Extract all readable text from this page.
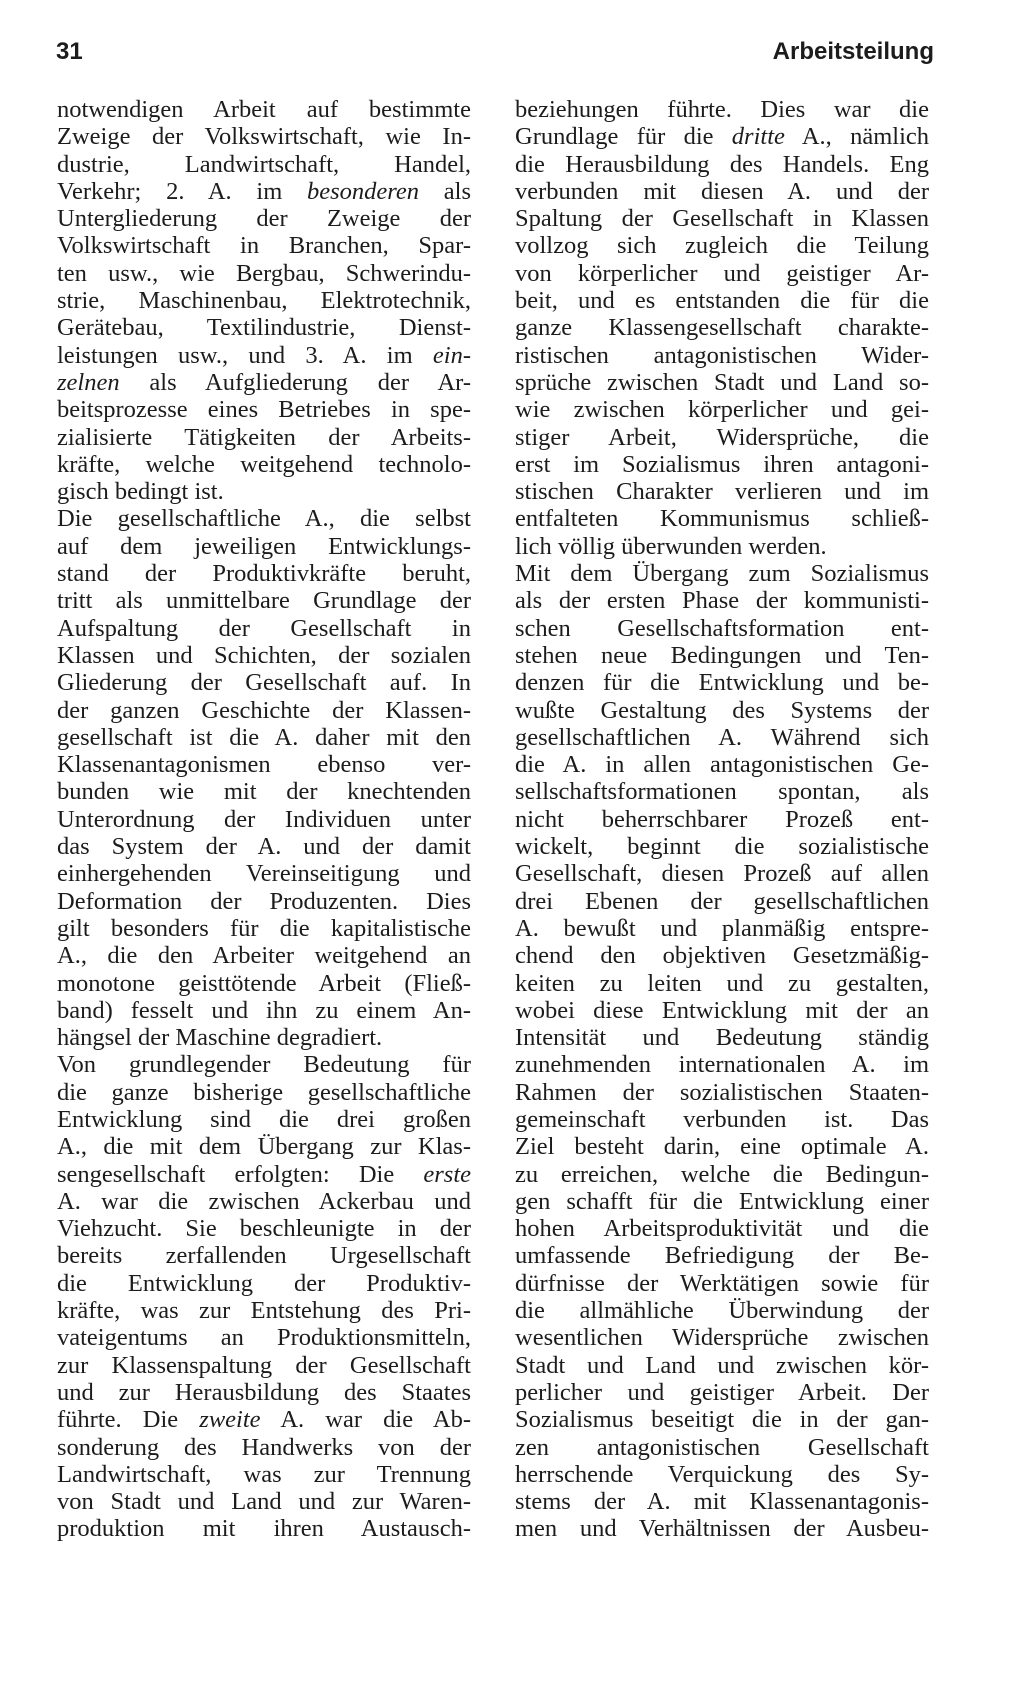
31	Arbeitsteilung
notwendigen Arbeit auf bestimmte
Zweige der Volkswirtschaft, wie In-
dustrie, Landwirtschaft, Handel,
Verkehr; 2. A. im besonderen als
Untergliederung der Zweige der
Volkswirtschaft in Branchen, Spar-
ten usw., wie Bergbau, Schwerindu-
strie, Maschinenbau, Elektrotechnik,
Gerätebau, Textilindustrie, Dienst-
leistungen usw., und 3. A. im ein-
zelnen als Aufgliederung der Ar-
beitsprozesse eines Betriebes in spe-
zialisierte Tätigkeiten der Arbeits-
kräfte, welche weitgehend technolo-
gisch bedingt ist.
Die gesellschaftliche A., die selbst
auf dem jeweiligen Entwicklungs-
stand der Produktivkräfte beruht,
tritt als unmittelbare Grundlage der
Aufspaltung der Gesellschaft in
Klassen und Schichten, der sozialen
Gliederung der Gesellschaft auf. In
der ganzen Geschichte der Klassen-
gesellschaft ist die A. daher mit den
Klassenantagonismen ebenso ver-
bunden wie mit der knechtenden
Unterordnung der Individuen unter
das System der A. und der damit
einhergehenden Vereinseitigung und
Deformation der Produzenten. Dies
gilt besonders für die kapitalistische
A., die den Arbeiter weitgehend an
monotone geisttötende Arbeit (Fließ-
band) fesselt und ihn zu einem An-
hängsel der Maschine degradiert.
Von grundlegender Bedeutung für
die ganze bisherige gesellschaftliche
Entwicklung sind die drei großen
A., die mit dem Übergang zur Klas-
sengesellschaft erfolgten: Die erste
A. war die zwischen Ackerbau und
Viehzucht. Sie beschleunigte in der
bereits zerfallenden Urgesellschaft
die Entwicklung der Produktiv-
kräfte, was zur Entstehung des Pri-
vateigentums an Produktionsmitteln,
zur Klassenspaltung der Gesellschaft
und zur Herausbildung des Staates
führte. Die zweite A. war die Ab-
sonderung des Handwerks von der
Landwirtschaft, was zur Trennung
von Stadt und Land und zur Waren-
produktion mit ihren Austausch-
beziehungen führte. Dies war die
Grundlage für die dritte A., nämlich
die Herausbildung des Handels. Eng
verbunden mit diesen A. und der
Spaltung der Gesellschaft in Klassen
vollzog sich zugleich die Teilung
von körperlicher und geistiger Ar-
beit, und es entstanden die für die
ganze Klassengesellschaft charakte-
ristischen antagonistischen Wider-
sprüche zwischen Stadt und Land so-
wie zwischen körperlicher und gei-
stiger Arbeit, Widersprüche, die
erst im Sozialismus ihren antagoni-
stischen Charakter verlieren und im
entfalteten Kommunismus schließ-
lich völlig überwunden werden.
Mit dem Übergang zum Sozialismus
als der ersten Phase der kommunisti-
schen Gesellschaftsformation ent-
stehen neue Bedingungen und Ten-
denzen für die Entwicklung und be-
wußte Gestaltung des Systems der
gesellschaftlichen A. Während sich
die A. in allen antagonistischen Ge-
sellschaftsformationen spontan, als
nicht beherrschbarer Prozeß ent-
wickelt, beginnt die sozialistische
Gesellschaft, diesen Prozeß auf allen
drei Ebenen der gesellschaftlichen
A. bewußt und planmäßig entspre-
chend den objektiven Gesetzmäßig-
keiten zu leiten und zu gestalten,
wobei diese Entwicklung mit der an
Intensität und Bedeutung ständig
zunehmenden internationalen A. im
Rahmen der sozialistischen Staaten-
gemeinschaft verbunden ist. Das
Ziel besteht darin, eine optimale A.
zu erreichen, welche die Bedingun-
gen schafft für die Entwicklung einer
hohen Arbeitsproduktivität und die
umfassende Befriedigung der Be-
dürfnisse der Werktätigen sowie für
die allmähliche Überwindung der
wesentlichen Widersprüche zwischen
Stadt und Land und zwischen kör-
perlicher und geistiger Arbeit. Der
Sozialismus beseitigt die in der gan-
zen antagonistischen Gesellschaft
herrschende Verquickung des Sy-
stems der A. mit Klassenantagonis-
men und Verhältnissen der Ausbeu-
